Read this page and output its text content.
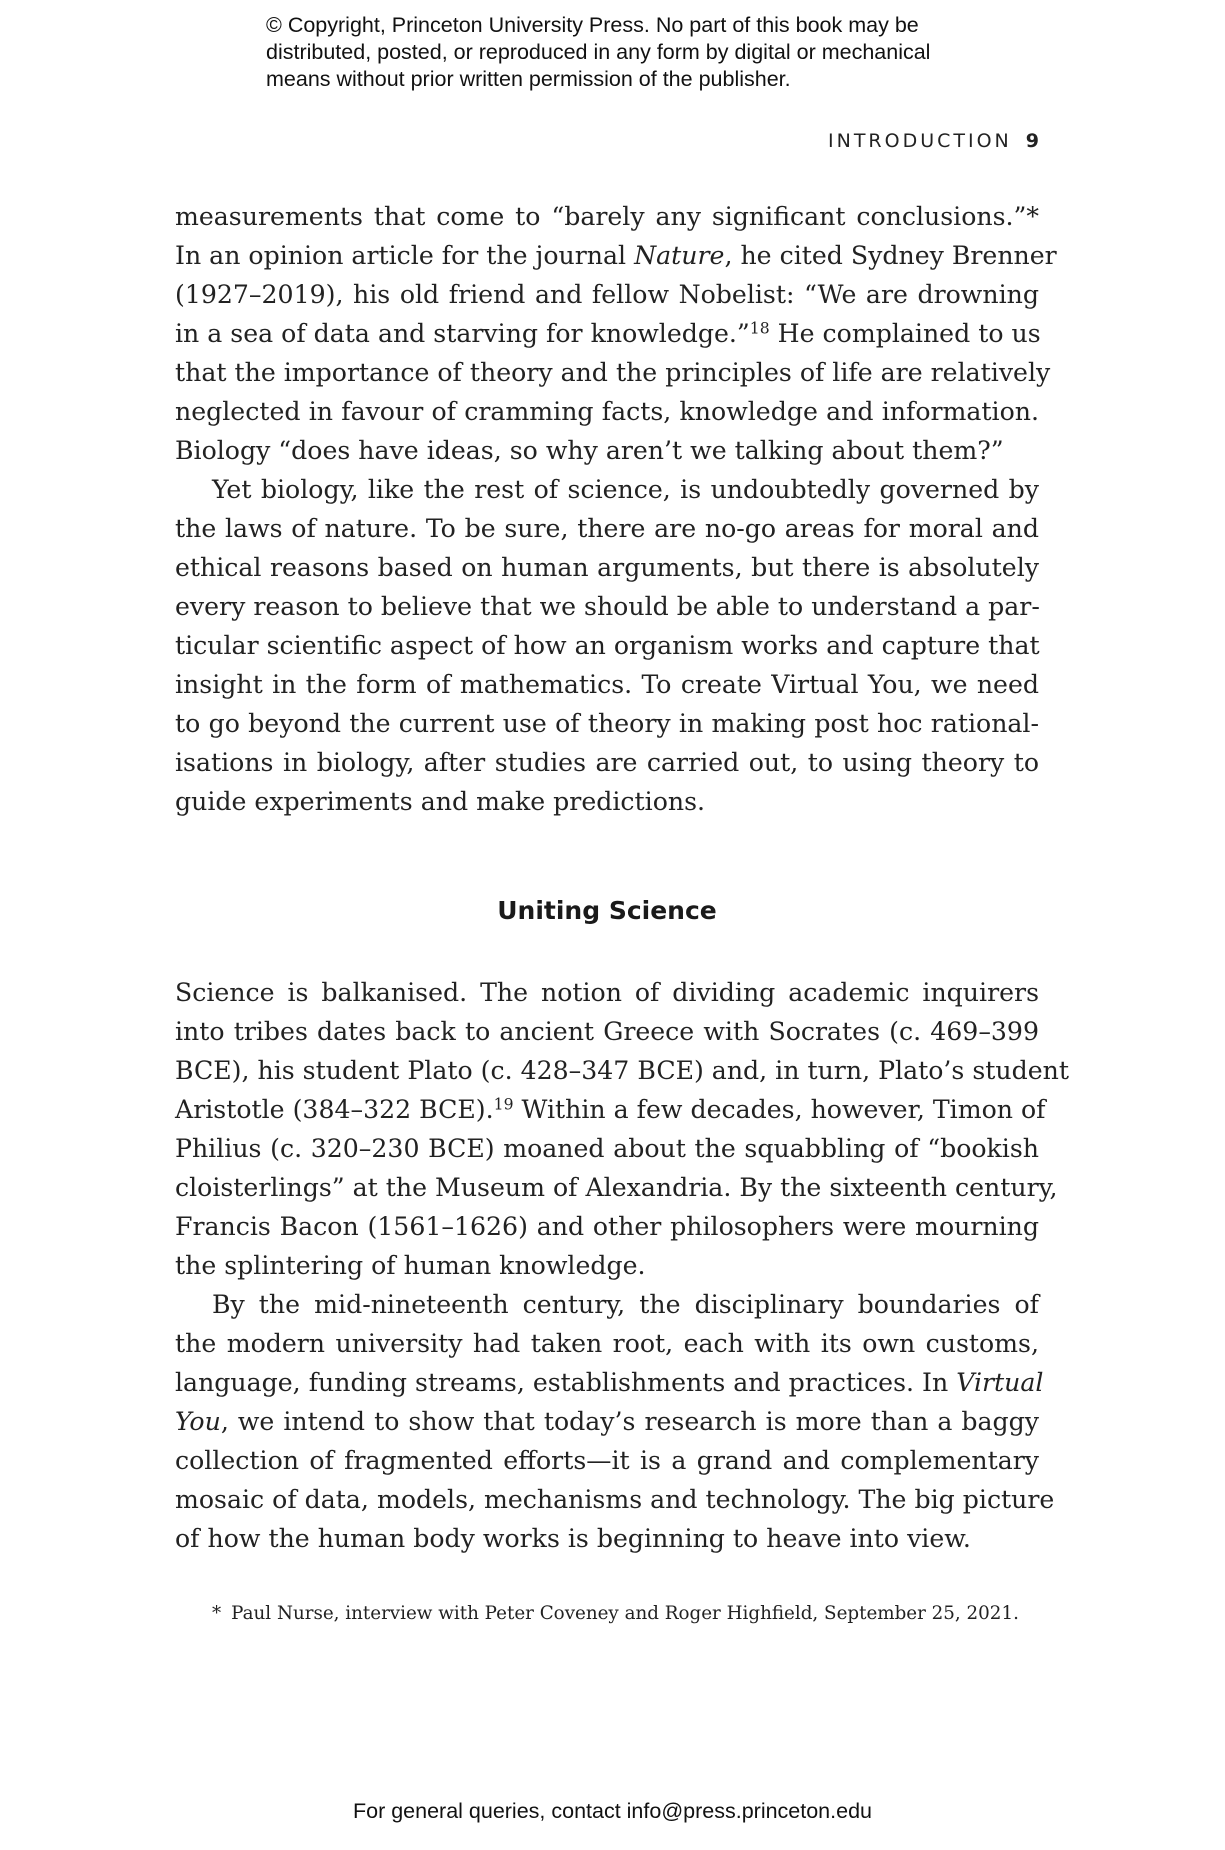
© Copyright, Princeton University Press. No part of this book may be
distributed, posted, or reproduced in any form by digital or mechanical
means without prior written permission of the publisher.
INTRODUCTION 9
measurements that come to “barely any significant conclusions.”*
In an opinion article for the journal Nature, he cited Sydney Brenner
(1927–2019), his old friend and fellow Nobelist: “We are drowning
in a sea of data and starving for knowledge.”$^{18}$ He complained to us
that the importance of theory and the principles of life are relatively
neglected in favour of cramming facts, knowledge and information.
Biology “does have ideas, so why aren’t we talking about them?”
Yet biology, like the rest of science, is undoubtedly governed by
the laws of nature. To be sure, there are no-go areas for moral and
ethical reasons based on human arguments, but there is absolutely
every reason to believe that we should be able to understand a par-
ticular scientific aspect of how an organism works and capture that
insight in the form of mathematics. To create Virtual You, we need
to go beyond the current use of theory in making post hoc rational-
isations in biology, after studies are carried out, to using theory to
guide experiments and make predictions.
Uniting Science
Science is balkanised. The notion of dividing academic inquirers
into tribes dates back to ancient Greece with Socrates (c. 469–399
BCE), his student Plato (c. 428–347 BCE) and, in turn, Plato’s student
Aristotle (384–322 BCE).$^{19}$ Within a few decades, however, Timon of
Philius (c. 320–230 BCE) moaned about the squabbling of “bookish
cloisterlings” at the Museum of Alexandria. By the sixteenth century,
Francis Bacon (1561–1626) and other philosophers were mourning
the splintering of human knowledge.
By the mid-nineteenth century, the disciplinary boundaries of
the modern university had taken root, each with its own customs,
language, funding streams, establishments and practices. In Virtual
You, we intend to show that today’s research is more than a baggy
collection of fragmented efforts—it is a grand and complementary
mosaic of data, models, mechanisms and technology. The big picture
of how the human body works is beginning to heave into view.
* Paul Nurse, interview with Peter Coveney and Roger Highfield, September 25, 2021.
For general queries, contact info@press.princeton.edu
